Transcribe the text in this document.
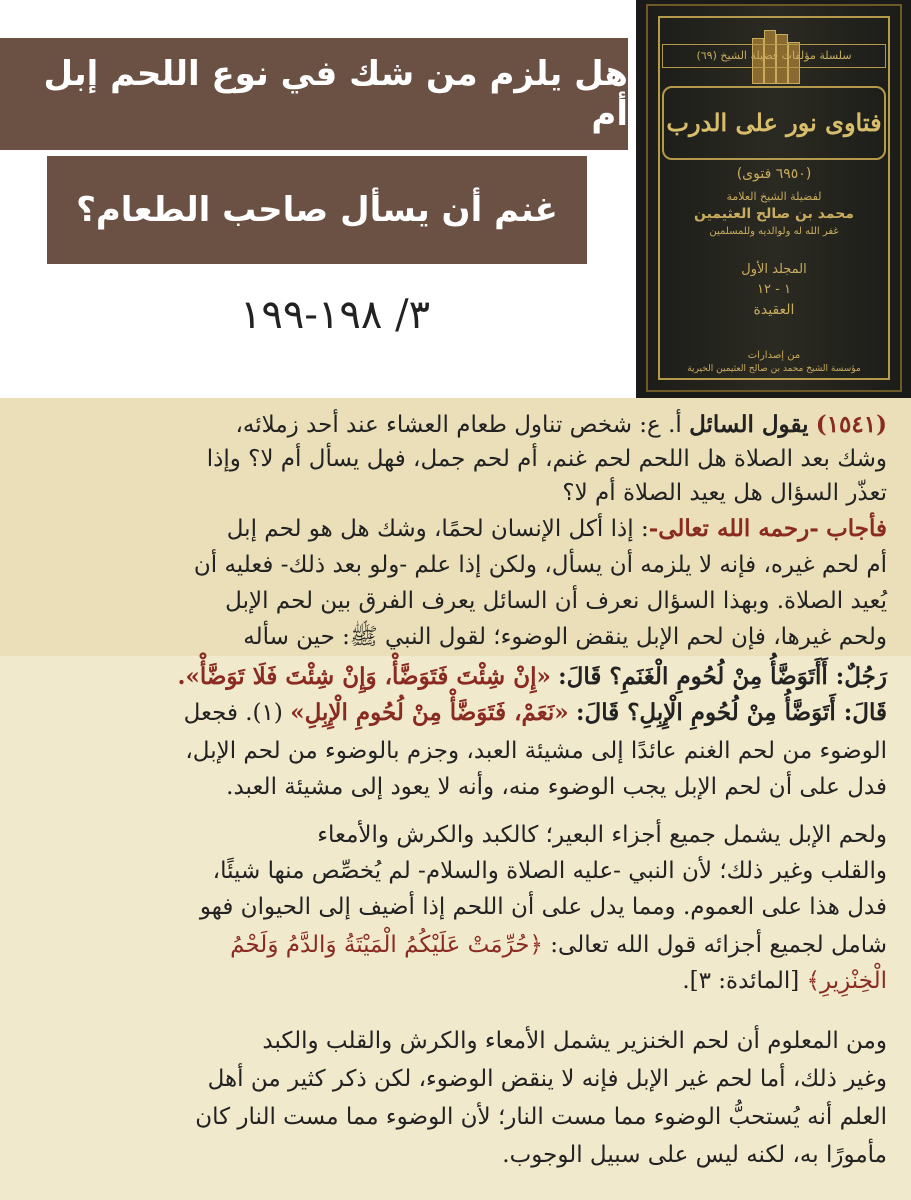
هل يلزم من شك في نوع اللحم إبل أم
غنم أن يسأل صاحب الطعام؟
٣/ ١٩٨-١٩٩
سلسلة مؤلفات فضيلة الشيخ (٦٩)
فتاوى نور على الدرب
(٦٩٥٠ فتوى)
لفضيلة الشيخ العلامة
محمد بن صالح العثيمين
غفر الله له ولوالديه وللمسلمين
المجلد الأول
١ - ١٢
العقيدة
من إصدارات
مؤسسة الشيخ محمد بن صالح العثيمين الخيرية
(١٥٤١) يقول السائل أ. ع: شخص تناول طعام العشاء عند أحد زملائه،
وشك بعد الصلاة هل اللحم لحم غنم، أم لحم جمل، فهل يسأل أم لا؟ وإذا
تعذّر السؤال هل يعيد الصلاة أم لا؟
فأجاب -رحمه الله تعالى-: إذا أكل الإنسان لحمًا، وشك هل هو لحم إبل
أم لحم غيره، فإنه لا يلزمه أن يسأل، ولكن إذا علم -ولو بعد ذلك- فعليه أن
يُعيد الصلاة. وبهذا السؤال نعرف أن السائل يعرف الفرق بين لحم الإبل
ولحم غيرها، فإن لحم الإبل ينقض الوضوء؛ لقول النبي ﷺ: حين سأله
رَجُلٌ: أَأَتَوَضَّأُ مِنْ لُحُومِ الْغَنَمِ؟ قَالَ: «إِنْ شِئْتَ فَتَوَضَّأْ، وَإِنْ شِئْتَ فَلَا تَوَضَّأْ».
قَالَ: أَتَوَضَّأُ مِنْ لُحُومِ الْإِبِلِ؟ قَالَ: «نَعَمْ، فَتَوَضَّأْ مِنْ لُحُومِ الْإِبِلِ» (١). فجعل
الوضوء من لحم الغنم عائدًا إلى مشيئة العبد، وجزم بالوضوء من لحم الإبل،
فدل على أن لحم الإبل يجب الوضوء منه، وأنه لا يعود إلى مشيئة العبد.
ولحم الإبل يشمل جميع أجزاء البعير؛ كالكبد والكرش والأمعاء
والقلب وغير ذلك؛ لأن النبي -عليه الصلاة والسلام- لم يُخصِّص منها شيئًا،
فدل هذا على العموم. ومما يدل على أن اللحم إذا أضيف إلى الحيوان فهو
شامل لجميع أجزائه قول الله تعالى: ﴿حُرِّمَتْ عَلَيْكُمُ الْمَيْتَةُ وَالدَّمُ وَلَحْمُ
الْخِنْزِيرِ﴾ [المائدة: ٣].
ومن المعلوم أن لحم الخنزير يشمل الأمعاء والكرش والقلب والكبد
وغير ذلك، أما لحم غير الإبل فإنه لا ينقض الوضوء، لكن ذكر كثير من أهل
العلم أنه يُستحبُّ الوضوء مما مست النار؛ لأن الوضوء مما مست النار كان
مأمورًا به، لكنه ليس على سبيل الوجوب.
